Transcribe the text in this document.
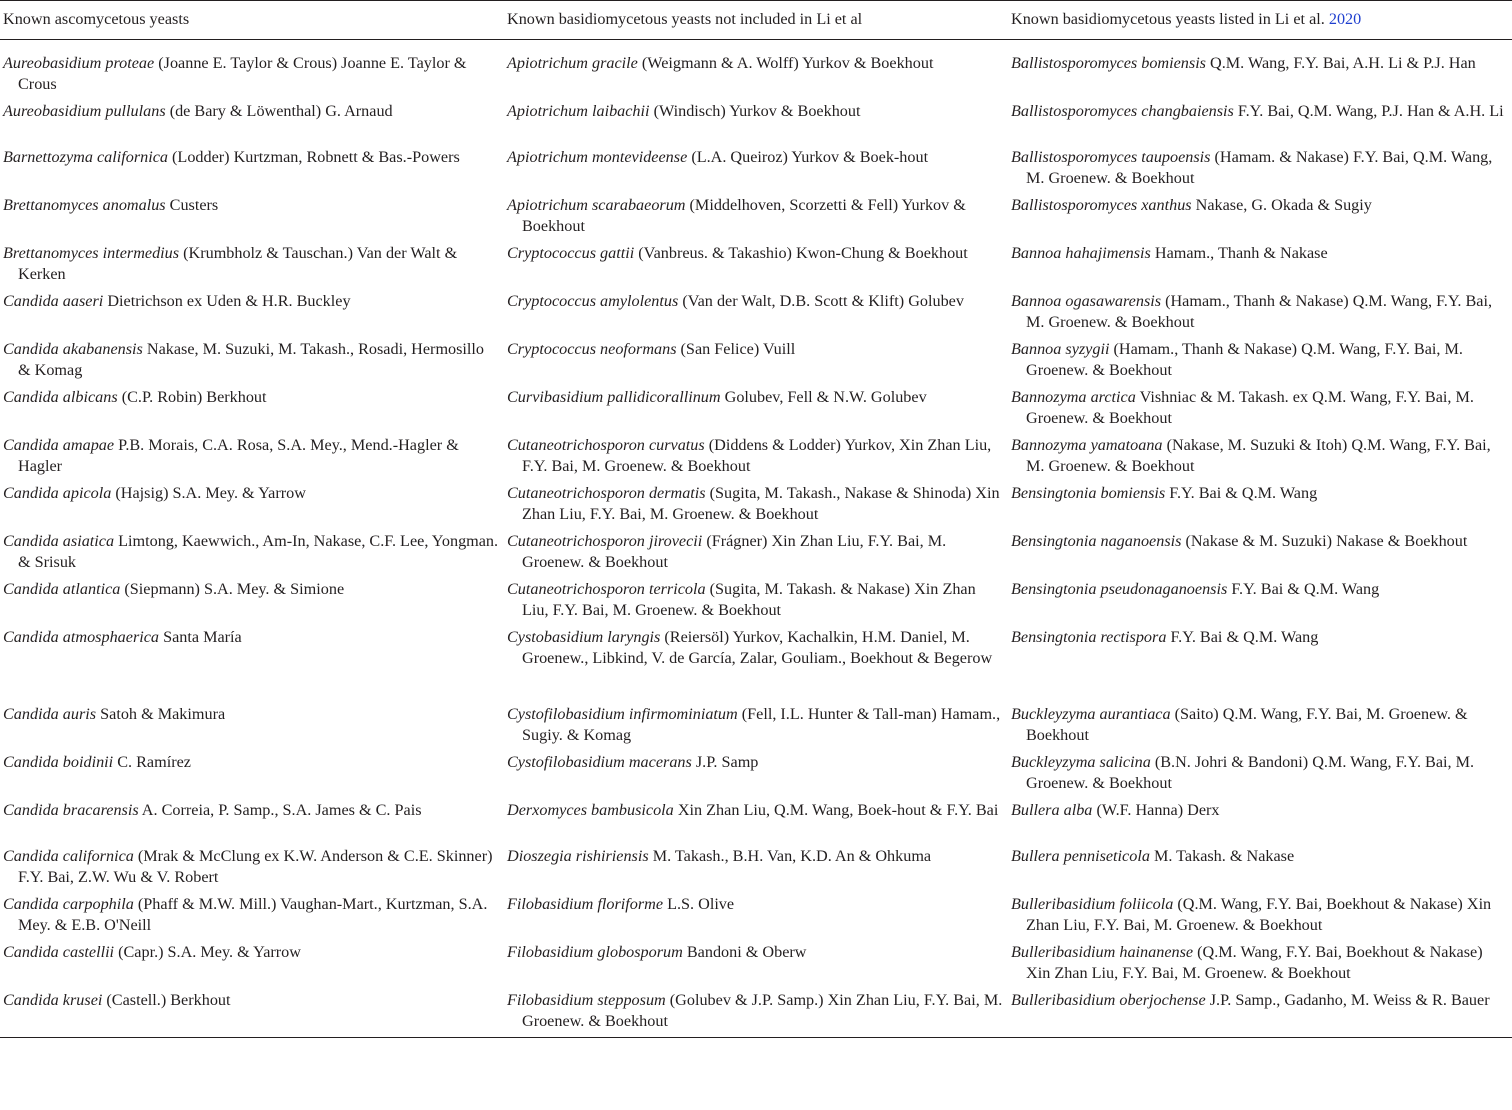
Known ascomycetous yeasts	Known basidiomycetous yeasts not included in Li et al	Known basidiomycetous yeasts listed in Li et al. 2020

Aureobasidium proteae (Joanne E. Taylor & Crous) Joanne E. Taylor & Crous	Apiotrichum gracile (Weigmann & A. Wolff) Yurkov & Boekhout	Ballistosporomyces bomiensis Q.M. Wang, F.Y. Bai, A.H. Li & P.J. Han

Aureobasidium pullulans (de Bary & Löwenthal) G. Arnaud	Apiotrichum laibachii (Windisch) Yurkov & Boekhout	Ballistosporomyces changbaiensis F.Y. Bai, Q.M. Wang, P.J. Han & A.H. Li

Barnettozyma californica (Lodder) Kurtzman, Robnett & Bas.-Powers	Apiotrichum montevideense (L.A. Queiroz) Yurkov & Boek-hout	Ballistosporomyces taupoensis (Hamam. & Nakase) F.Y. Bai, Q.M. Wang, M. Groenew. & Boekhout

Brettanomyces anomalus Custers	Apiotrichum scarabaeorum (Middelhoven, Scorzetti & Fell) Yurkov & Boekhout	Ballistosporomyces xanthus Nakase, G. Okada & Sugiy

Brettanomyces intermedius (Krumbholz & Tauschan.) Van der Walt & Kerken	Cryptococcus gattii (Vanbreus. & Takashio) Kwon-Chung & Boekhout	Bannoa hahajimensis Hamam., Thanh & Nakase

Candida aaseri Dietrichson ex Uden & H.R. Buckley	Cryptococcus amylolentus (Van der Walt, D.B. Scott & Klift) Golubev	Bannoa ogasawarensis (Hamam., Thanh & Nakase) Q.M. Wang, F.Y. Bai, M. Groenew. & Boekhout

Candida akabanensis Nakase, M. Suzuki, M. Takash., Rosadi, Hermosillo & Komag	Cryptococcus neoformans (San Felice) Vuill	Bannoa syzygii (Hamam., Thanh & Nakase) Q.M. Wang, F.Y. Bai, M. Groenew. & Boekhout

Candida albicans (C.P. Robin) Berkhout	Curvibasidium pallidicorallinum Golubev, Fell & N.W. Golubev	Bannozyma arctica Vishniac & M. Takash. ex Q.M. Wang, F.Y. Bai, M. Groenew. & Boekhout

Candida amapae P.B. Morais, C.A. Rosa, S.A. Mey., Mend.-Hagler & Hagler	Cutaneotrichosporon curvatus (Diddens & Lodder) Yurkov, Xin Zhan Liu, F.Y. Bai, M. Groenew. & Boekhout	Bannozyma yamatoana (Nakase, M. Suzuki & Itoh) Q.M. Wang, F.Y. Bai, M. Groenew. & Boekhout

Candida apicola (Hajsig) S.A. Mey. & Yarrow	Cutaneotrichosporon dermatis (Sugita, M. Takash., Nakase & Shinoda) Xin Zhan Liu, F.Y. Bai, M. Groenew. & Boekhout	Bensingtonia bomiensis F.Y. Bai & Q.M. Wang

Candida asiatica Limtong, Kaewwich., Am-In, Nakase, C.F. Lee, Yongman. & Srisuk	Cutaneotrichosporon jirovecii (Frágner) Xin Zhan Liu, F.Y. Bai, M. Groenew. & Boekhout	Bensingtonia naganoensis (Nakase & M. Suzuki) Nakase & Boekhout

Candida atlantica (Siepmann) S.A. Mey. & Simione	Cutaneotrichosporon terricola (Sugita, M. Takash. & Nakase) Xin Zhan Liu, F.Y. Bai, M. Groenew. & Boekhout	Bensingtonia pseudonaganoensis F.Y. Bai & Q.M. Wang

Candida atmosphaerica Santa María	Cystobasidium laryngis (Reiersöl) Yurkov, Kachalkin, H.M. Daniel, M. Groenew., Libkind, V. de García, Zalar, Gouliam., Boekhout & Begerow	Bensingtonia rectispora F.Y. Bai & Q.M. Wang

Candida auris Satoh & Makimura	Cystofilobasidium infirmominiatum (Fell, I.L. Hunter & Tall-man) Hamam., Sugiy. & Komag	Buckleyzyma aurantiaca (Saito) Q.M. Wang, F.Y. Bai, M. Groenew. & Boekhout

Candida boidinii C. Ramírez	Cystofilobasidium macerans J.P. Samp	Buckleyzyma salicina (B.N. Johri & Bandoni) Q.M. Wang, F.Y. Bai, M. Groenew. & Boekhout

Candida bracarensis A. Correia, P. Samp., S.A. James & C. Pais	Derxomyces bambusicola Xin Zhan Liu, Q.M. Wang, Boek-hout & F.Y. Bai	Bullera alba (W.F. Hanna) Derx

Candida californica (Mrak & McClung ex K.W. Anderson & C.E. Skinner) F.Y. Bai, Z.W. Wu & V. Robert	Dioszegia rishiriensis M. Takash., B.H. Van, K.D. An & Ohkuma	Bullera penniseticola M. Takash. & Nakase

Candida carpophila (Phaff & M.W. Mill.) Vaughan-Mart., Kurtzman, S.A. Mey. & E.B. O'Neill	Filobasidium floriforme L.S. Olive	Bulleribasidium foliicola (Q.M. Wang, F.Y. Bai, Boekhout & Nakase) Xin Zhan Liu, F.Y. Bai, M. Groenew. & Boekhout

Candida castellii (Capr.) S.A. Mey. & Yarrow	Filobasidium globosporum Bandoni & Oberw	Bulleribasidium hainanense (Q.M. Wang, F.Y. Bai, Boekhout & Nakase) Xin Zhan Liu, F.Y. Bai, M. Groenew. & Boekhout

Candida krusei (Castell.) Berkhout	Filobasidium stepposum (Golubev & J.P. Samp.) Xin Zhan Liu, F.Y. Bai, M. Groenew. & Boekhout	Bulleribasidium oberjochense J.P. Samp., Gadanho, M. Weiss & R. Bauer
